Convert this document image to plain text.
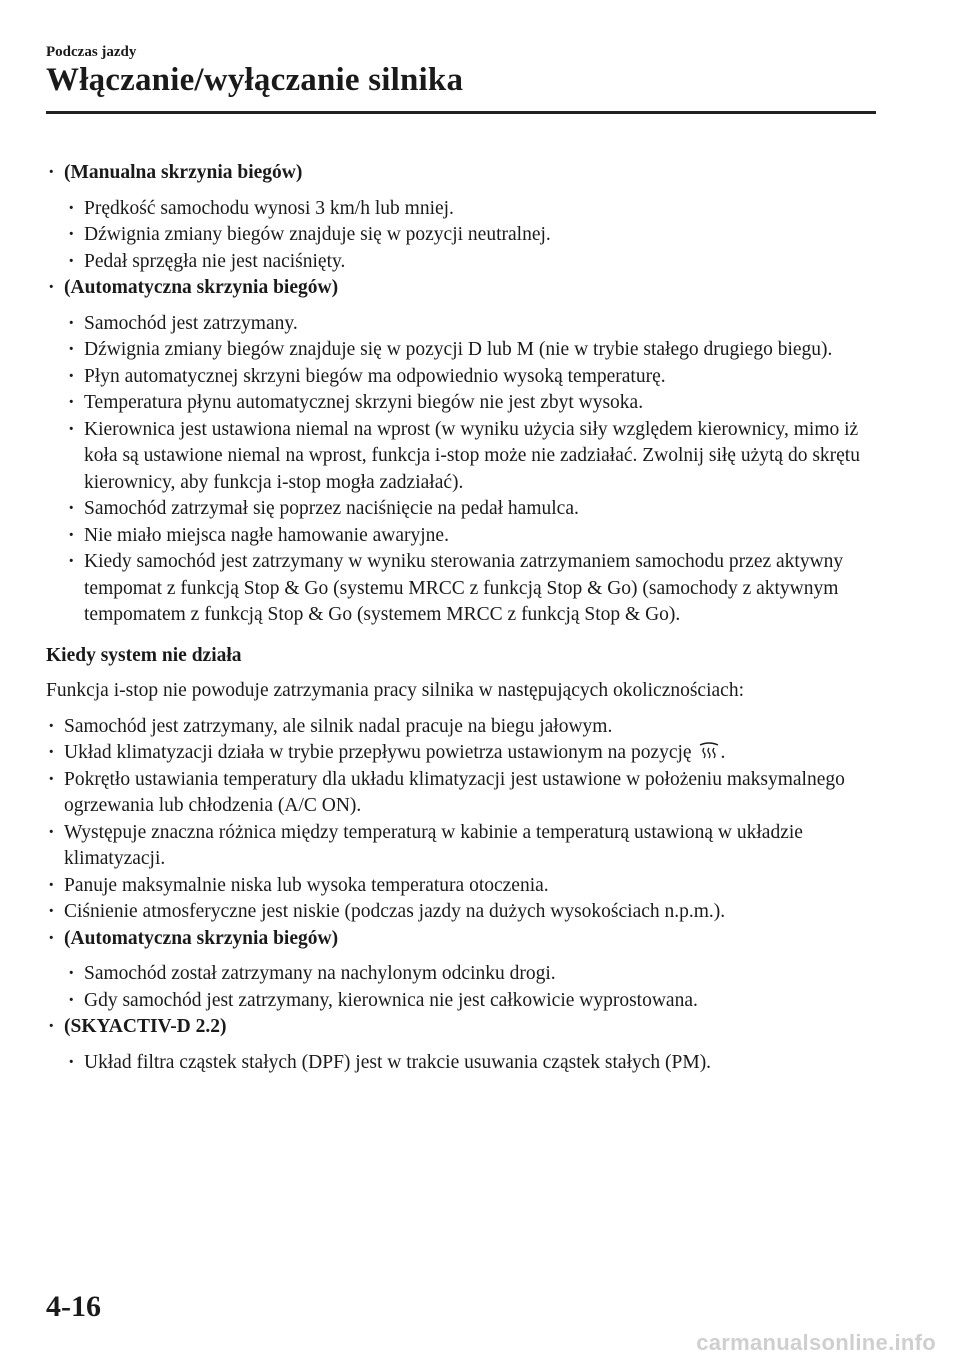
Podczas jazdy
Włączanie/wyłączanie silnika
· (Manualna skrzynia biegów)
· Prędkość samochodu wynosi 3 km/h lub mniej.
· Dźwignia zmiany biegów znajduje się w pozycji neutralnej.
· Pedał sprzęgła nie jest naciśnięty.
· (Automatyczna skrzynia biegów)
· Samochód jest zatrzymany.
· Dźwignia zmiany biegów znajduje się w pozycji D lub M (nie w trybie stałego drugiego biegu).
· Płyn automatycznej skrzyni biegów ma odpowiednio wysoką temperaturę.
· Temperatura płynu automatycznej skrzyni biegów nie jest zbyt wysoka.
· Kierownica jest ustawiona niemal na wprost (w wyniku użycia siły względem kierownicy, mimo iż koła są ustawione niemal na wprost, funkcja i-stop może nie zadziałać. Zwolnij siłę użytą do skrętu kierownicy, aby funkcja i-stop mogła zadziałać).
· Samochód zatrzymał się poprzez naciśnięcie na pedał hamulca.
· Nie miało miejsca nagłe hamowanie awaryjne.
· Kiedy samochód jest zatrzymany w wyniku sterowania zatrzymaniem samochodu przez aktywny tempomat z funkcją Stop & Go (systemu MRCC z funkcją Stop & Go) (samochody z aktywnym tempomatem z funkcją Stop & Go (systemem MRCC z funkcją Stop & Go).
Kiedy system nie działa
Funkcja i-stop nie powoduje zatrzymania pracy silnika w następujących okolicznościach:
· Samochód jest zatrzymany, ale silnik nadal pracuje na biegu jałowym.
· Układ klimatyzacji działa w trybie przepływu powietrza ustawionym na pozycję .
· Pokrętło ustawiania temperatury dla układu klimatyzacji jest ustawione w położeniu maksymalnego ogrzewania lub chłodzenia (A/C ON).
· Występuje znaczna różnica między temperaturą w kabinie a temperaturą ustawioną w układzie klimatyzacji.
· Panuje maksymalnie niska lub wysoka temperatura otoczenia.
· Ciśnienie atmosferyczne jest niskie (podczas jazdy na dużych wysokościach n.p.m.).
· (Automatyczna skrzynia biegów)
· Samochód został zatrzymany na nachylonym odcinku drogi.
· Gdy samochód jest zatrzymany, kierownica nie jest całkowicie wyprostowana.
· (SKYACTIV-D 2.2)
· Układ filtra cząstek stałych (DPF) jest w trakcie usuwania cząstek stałych (PM).
4-16
carmanualsonline.info
